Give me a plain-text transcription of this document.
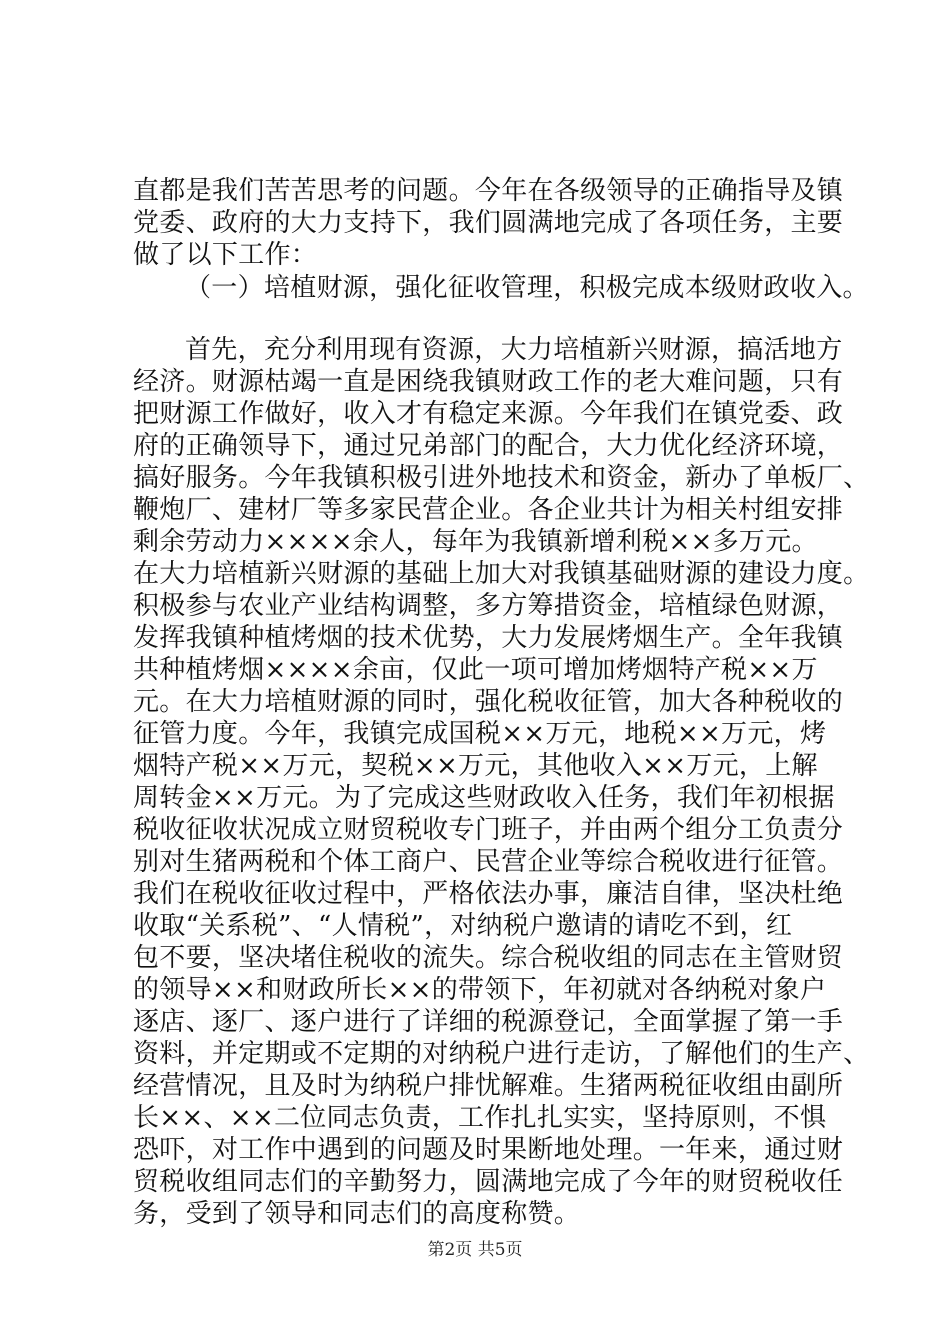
直都是我们苦苦思考的问题。今年在各级领导的正确指导及镇
党委、政府的大力支持下，我们圆满地完成了各项任务，主要
做了以下工作：
（一）培植财源，强化征收管理，积极完成本级财政收入。
首先，充分利用现有资源，大力培植新兴财源，搞活地方
经济。财源枯竭一直是困绕我镇财政工作的老大难问题，只有
把财源工作做好，收入才有稳定来源。今年我们在镇党委、政
府的正确领导下，通过兄弟部门的配合，大力优化经济环境，
搞好服务。今年我镇积极引进外地技术和资金，新办了单板厂、
鞭炮厂、建材厂等多家民营企业。各企业共计为相关村组安排
剩余劳动力××××余人，每年为我镇新增利税××多万元。
在大力培植新兴财源的基础上加大对我镇基础财源的建设力度。
积极参与农业产业结构调整，多方筹措资金，培植绿色财源，
发挥我镇种植烤烟的技术优势，大力发展烤烟生产。全年我镇
共种植烤烟××××余亩，仅此一项可增加烤烟特产税××万
元。在大力培植财源的同时，强化税收征管，加大各种税收的
征管力度。今年，我镇完成国税××万元，地税××万元，烤
烟特产税××万元，契税××万元，其他收入××万元，上解
周转金××万元。为了完成这些财政收入任务，我们年初根据
税收征收状况成立财贸税收专门班子，并由两个组分工负责分
别对生猪两税和个体工商户、民营企业等综合税收进行征管。
我们在税收征收过程中，严格依法办事，廉洁自律，坚决杜绝
收取“关系税”、“人情税”，对纳税户邀请的请吃不到，红
包不要，坚决堵住税收的流失。综合税收组的同志在主管财贸
的领导××和财政所长××的带领下，年初就对各纳税对象户
逐店、逐厂、逐户进行了详细的税源登记，全面掌握了第一手
资料，并定期或不定期的对纳税户进行走访，了解他们的生产、
经营情况，且及时为纳税户排忧解难。生猪两税征收组由副所
长××、××二位同志负责，工作扎扎实实，坚持原则，不惧
恐吓，对工作中遇到的问题及时果断地处理。一年来，通过财
贸税收组同志们的辛勤努力，圆满地完成了今年的财贸税收任
务，受到了领导和同志们的高度称赞。
第2页 共5页
